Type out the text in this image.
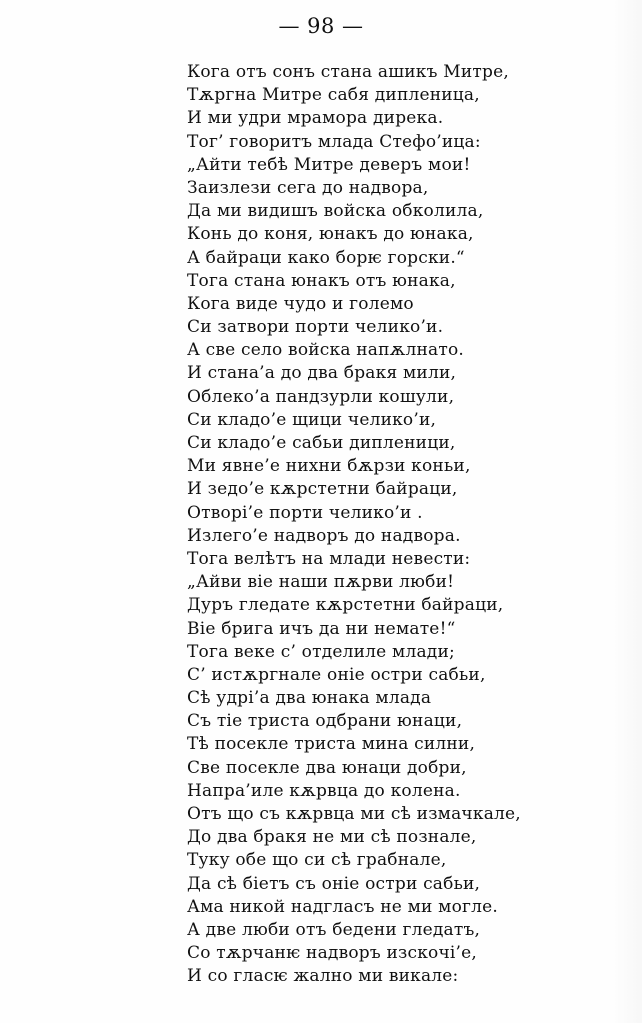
— 98 —
Кога отъ сонъ стана ашикъ Митре,
Тѫргна Митре сабя дипленица,
И ми удри мрамора дирека.
Тог’ говоритъ млада Стефо’ица:
„Айти тебѣ Митре деверъ мои!
Заизлези сега до надвора,
Да ми видишъ войска обколила,
Конь до коня, юнакъ до юнака,
А байраци како борѥ горски.“
Тога стана юнакъ отъ юнака,
Кога виде чудо и големо
Си затвори порти челико’и.
А све село войска напѫлнато.
И стана’а до два бракя мили,
Облеко’а пандзурли кошули,
Си кладо’е щици челико’и,
Си кладо’е сабьи дипленици,
Ми явне’е нихни бѫрзи коньи,
И зедо’е кѫрстетни байраци,
Отворі’е порти челико’и .
Излего’е надворъ до надвора.
Тога велѣтъ на млади невести:
„Айви віе наши пѫрви люби!
Дуръ гледате кѫрстетни байраци,
Віе брига ичъ да ни немате!“
Тога веке с’ отделиле млади;
С’ истѫргнале оніе остри сабьи,
Сѣ удрі’а два юнака млада
Съ тіе триста одбрани юнаци,
Тѣ посекле триста мина силни,
Све посекле два юнаци добри,
Напра’иле кѫрвца до колена.
Отъ що съ кѫрвца ми сѣ измачкале,
До два бракя не ми сѣ познале,
Туку обе що си сѣ грабнале,
Да сѣ біетъ съ оніе остри сабьи,
Ама никой надгласъ не ми могле.
А две люби отъ бедени гледатъ,
Со тѫрчанѥ надворъ изскочі’е,
И со гласѥ жално ми викале:
